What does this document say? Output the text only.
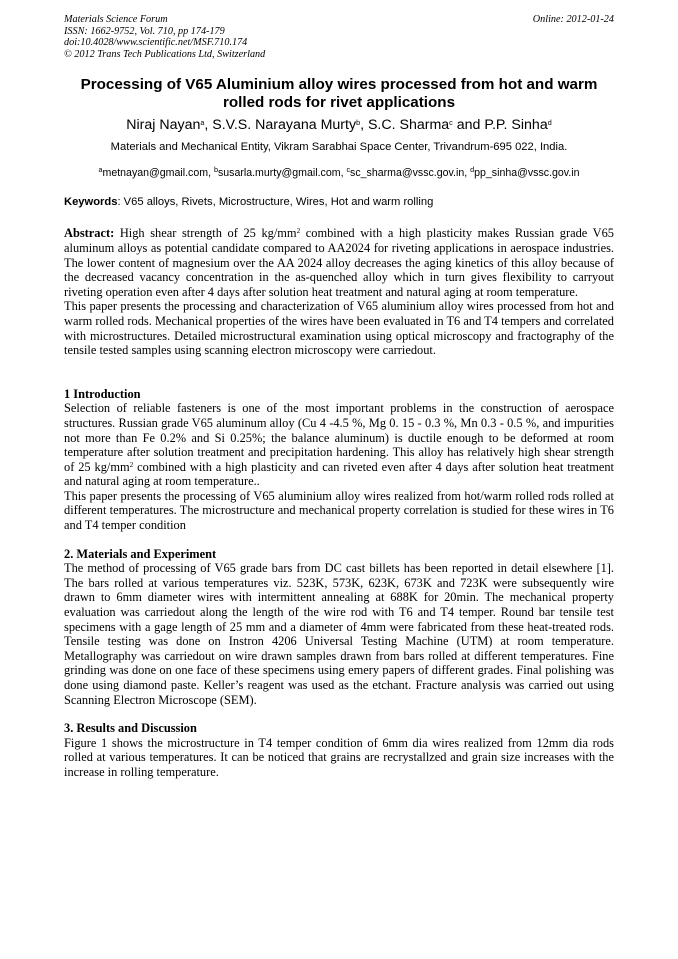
Materials Science Forum
ISSN: 1662-9752, Vol. 710, pp 174-179
doi:10.4028/www.scientific.net/MSF.710.174
© 2012 Trans Tech Publications Ltd, Switzerland
Online: 2012-01-24
Processing of V65 Aluminium alloy wires processed from hot and warm rolled rods for rivet applications
Niraj Nayan$^a$, S.V.S. Narayana Murty$^b$, S.C. Sharma$^c$ and P.P. Sinha$^d$
Materials and Mechanical Entity, Vikram Sarabhai Space Center, Trivandrum-695 022, India.
$^a$metnayan@gmail.com, $^b$susarla.murty@gmail.com, $^c$sc_sharma@vssc.gov.in, $^d$pp_sinha@vssc.gov.in
Keywords: V65 alloys, Rivets, Microstructure, Wires, Hot and warm rolling

Abstract: High shear strength of 25 $kg/mm^2$ combined with a high plasticity makes Russian grade V65 aluminum alloys as potential candidate compared to AA2024 for riveting applications in aerospace industries. The lower content of magnesium over the AA 2024 alloy decreases the aging kinetics of this alloy because of the decreased vacancy concentration in the as-quenched alloy which in turn gives flexibility to carryout riveting operation even after 4 days after solution heat treatment and natural aging at room temperature.

This paper presents the processing and characterization of V65 aluminium alloy wires processed from hot and warm rolled rods. Mechanical properties of the wires have been evaluated in T6 and T4 tempers and correlated with microstructures. Detailed microstructural examination using optical microscopy and fractography of the tensile tested samples using scanning electron microscopy were carriedout.

1 Introduction

Selection of reliable fasteners is one of the most important problems in the construction of aerospace structures. Russian grade V65 aluminum alloy (Cu 4 -4.5 %, Mg 0. 15 - 0.3 %, Mn 0.3 - 0.5 %, and impurities not more than Fe 0.2% and Si 0.25%; the balance aluminum) is ductile enough to be deformed at room temperature after solution treatment and precipitation hardening. This alloy has relatively high shear strength of 25 $kg/mm^2$ combined with a high plasticity and can riveted even after 4 days after solution heat treatment and natural aging at room temperature..

This paper presents the processing of V65 aluminium alloy wires realized from hot/warm rolled rods rolled at different temperatures. The microstructure and mechanical property correlation is studied for these wires in T6 and T4 temper condition

2. Materials and Experiment

The method of processing of V65 grade bars from DC cast billets has been reported in detail elsewhere [1]. The bars rolled at various temperatures viz. 523K, 573K, 623K, 673K and 723K were subsequently wire drawn to 6mm diameter wires with intermittent annealing at 688K for 20min. The mechanical property evaluation was carriedout along the length of the wire rod with T6 and T4 temper. Round bar tensile test specimens with a gage length of 25 mm and a diameter of 4mm were fabricated from these heat-treated rods. Tensile testing was done on Instron 4206 Universal Testing Machine (UTM) at room temperature. Metallography was carriedout on wire drawn samples drawn from bars rolled at different temperatures. Fine grinding was done on one face of these specimens using emery papers of different grades. Final polishing was done using diamond paste. Keller’s reagent was used as the etchant. Fracture analysis was carried out using Scanning Electron Microscope (SEM).

3. Results and Discussion

Figure 1 shows the microstructure in T4 temper condition of 6mm dia wires realized from 12mm dia rods rolled at various temperatures. It can be noticed that grains are recrystallzed and grain size increases with the increase in rolling temperature.
